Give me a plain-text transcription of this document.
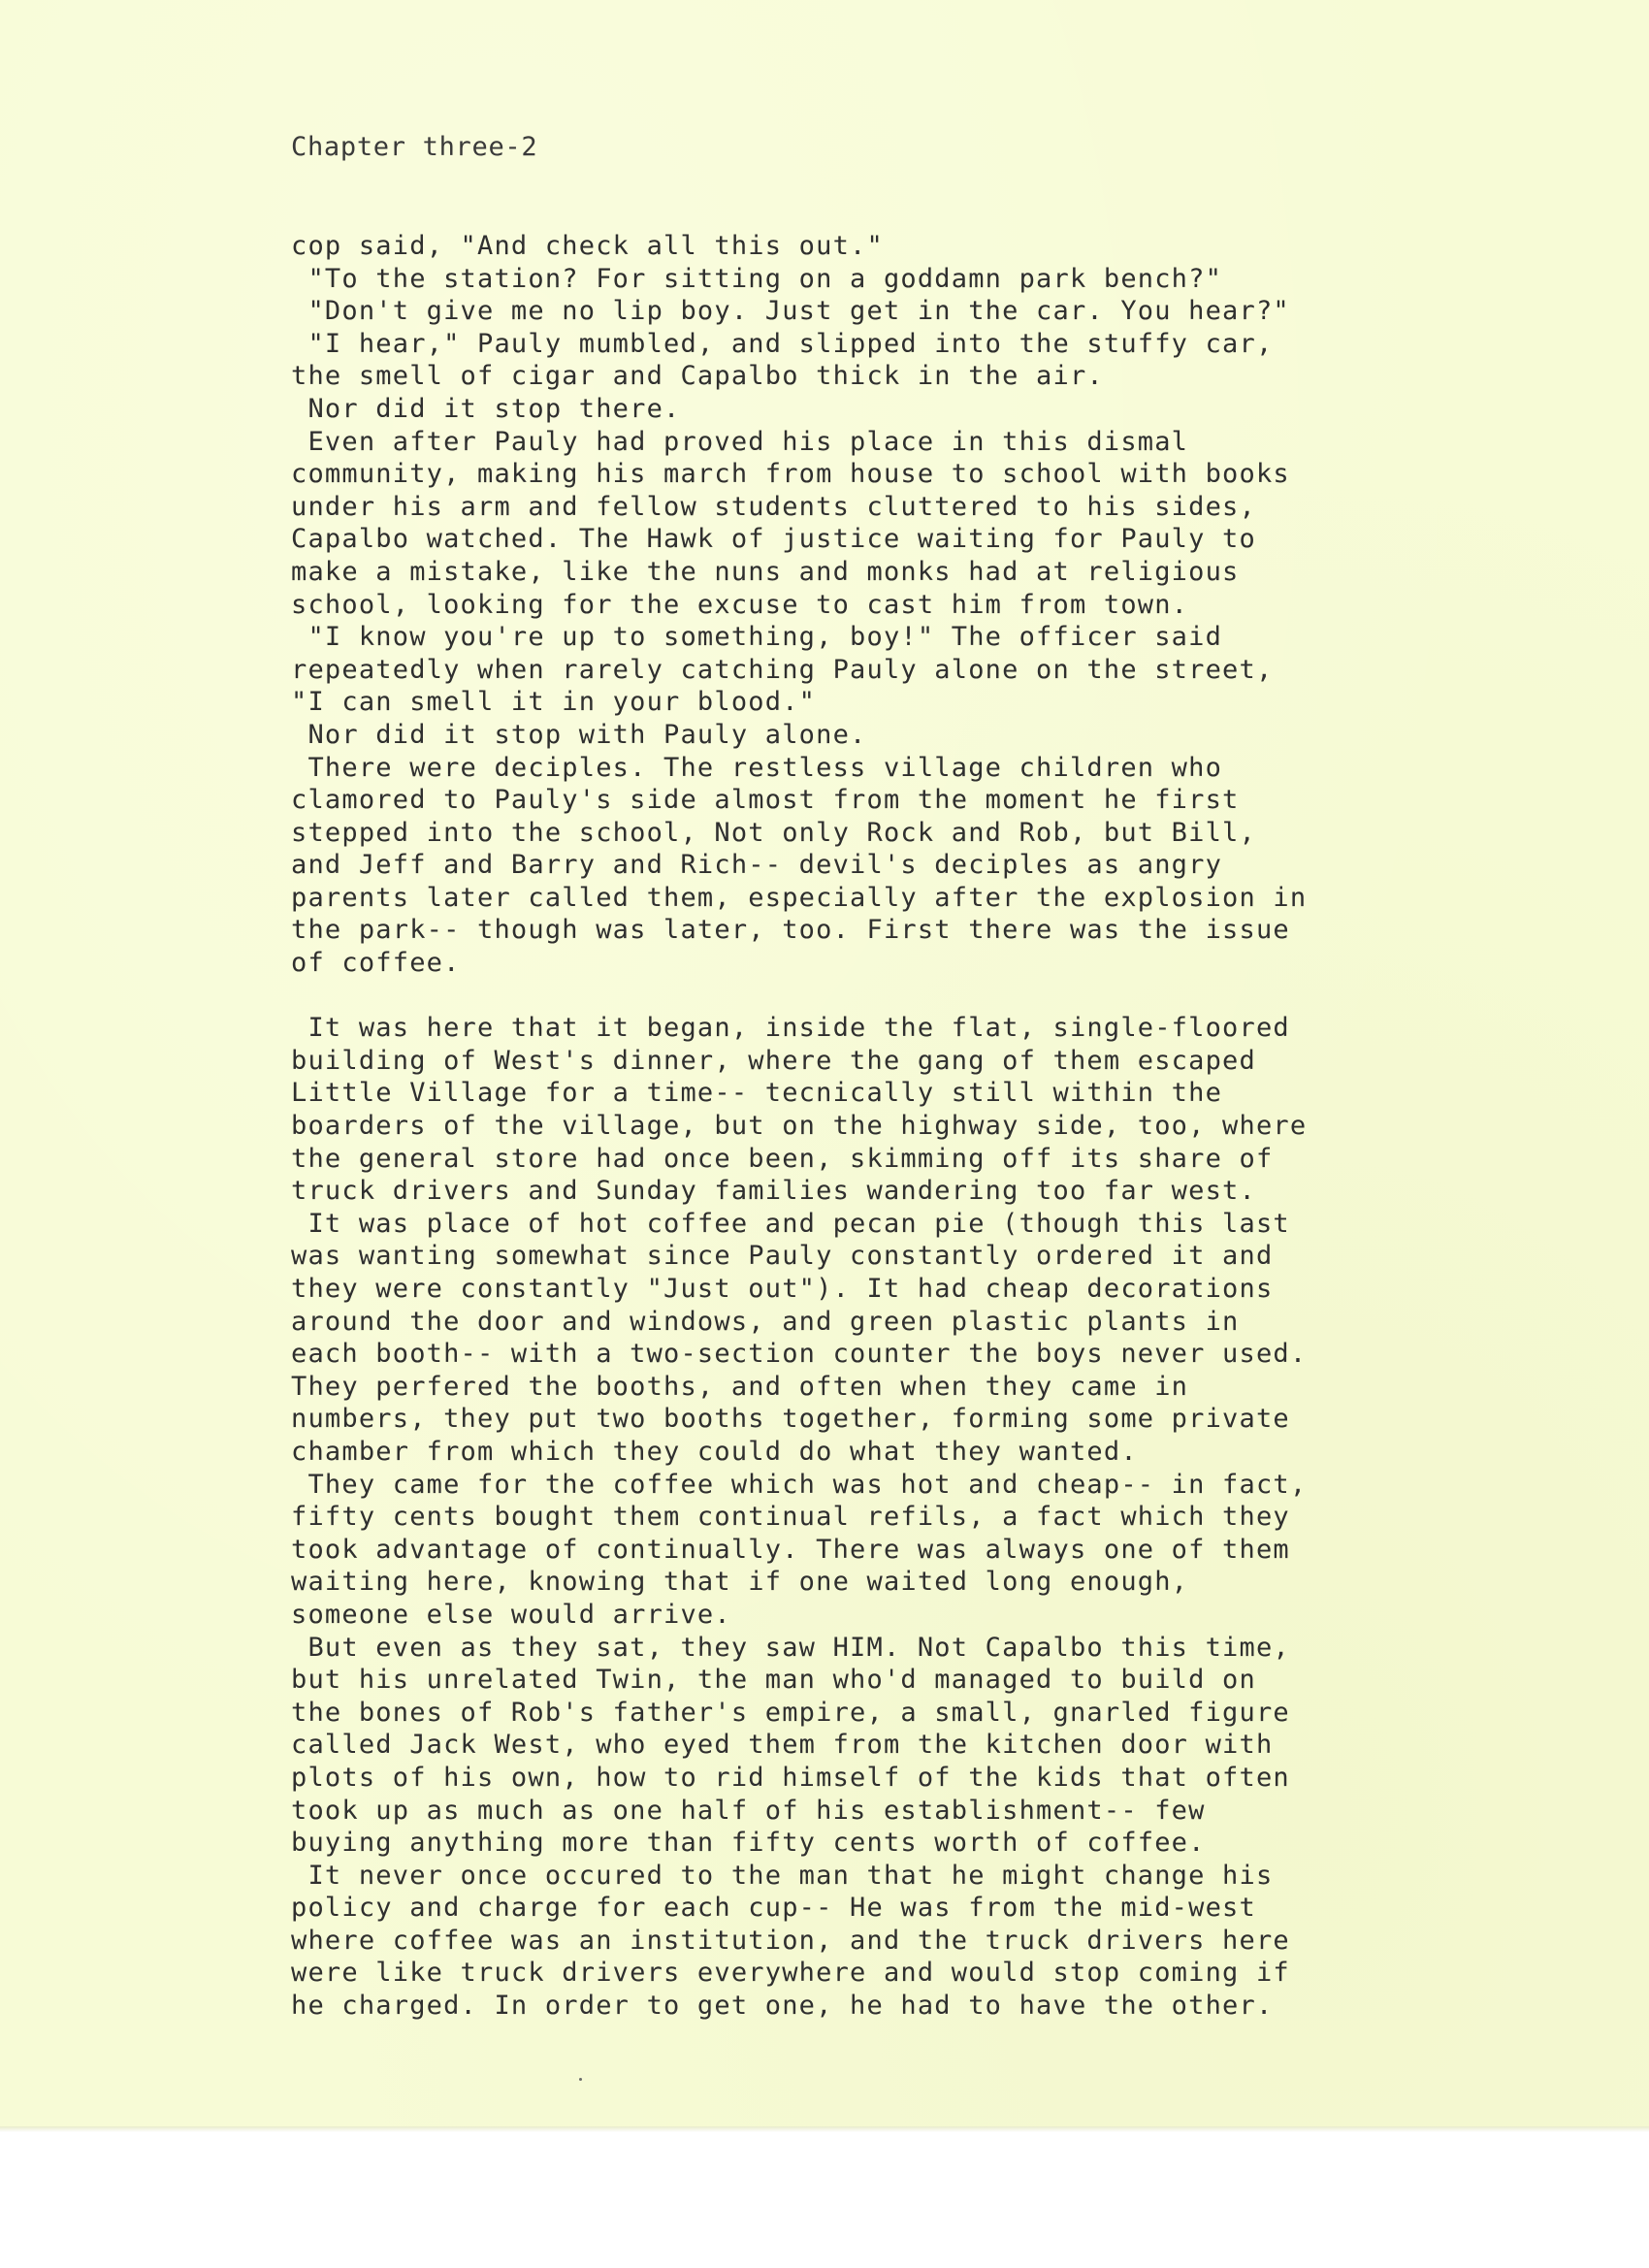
Chapter three-2
cop said, "And check all this out."
"To the station? For sitting on a goddamn park bench?"
"Don't give me no lip boy. Just get in the car. You hear?"
"I hear," Pauly mumbled, and slipped into the stuffy car,
the smell of cigar and Capalbo thick in the air.
Nor did it stop there.
Even after Pauly had proved his place in this dismal
community, making his march from house to school with books
under his arm and fellow students cluttered to his sides,
Capalbo watched. The Hawk of justice waiting for Pauly to
make a mistake, like the nuns and monks had at religious
school, looking for the excuse to cast him from town.
"I know you're up to something, boy!" The officer said
repeatedly when rarely catching Pauly alone on the street,
"I can smell it in your blood."
Nor did it stop with Pauly alone.
There were deciples. The restless village children who
clamored to Pauly's side almost from the moment he first
stepped into the school, Not only Rock and Rob, but Bill,
and Jeff and Barry and Rich-- devil's deciples as angry
parents later called them, especially after the explosion in
the park-- though was later, too. First there was the issue
of coffee.
It was here that it began, inside the flat, single-floored
building of West's dinner, where the gang of them escaped
Little Village for a time-- tecnically still within the
boarders of the village, but on the highway side, too, where
the general store had once been, skimming off its share of
truck drivers and Sunday families wandering too far west.
It was place of hot coffee and pecan pie (though this last
was wanting somewhat since Pauly constantly ordered it and
they were constantly "Just out"). It had cheap decorations
around the door and windows, and green plastic plants in
each booth-- with a two-section counter the boys never used.
They perfered the booths, and often when they came in
numbers, they put two booths together, forming some private
chamber from which they could do what they wanted.
They came for the coffee which was hot and cheap-- in fact,
fifty cents bought them continual refils, a fact which they
took advantage of continually. There was always one of them
waiting here, knowing that if one waited long enough,
someone else would arrive.
But even as they sat, they saw HIM. Not Capalbo this time,
but his unrelated Twin, the man who'd managed to build on
the bones of Rob's father's empire, a small, gnarled figure
called Jack West, who eyed them from the kitchen door with
plots of his own, how to rid himself of the kids that often
took up as much as one half of his establishment-- few
buying anything more than fifty cents worth of coffee.
It never once occured to the man that he might change his
policy and charge for each cup-- He was from the mid-west
where coffee was an institution, and the truck drivers here
were like truck drivers everywhere and would stop coming if
he charged. In order to get one, he had to have the other.
